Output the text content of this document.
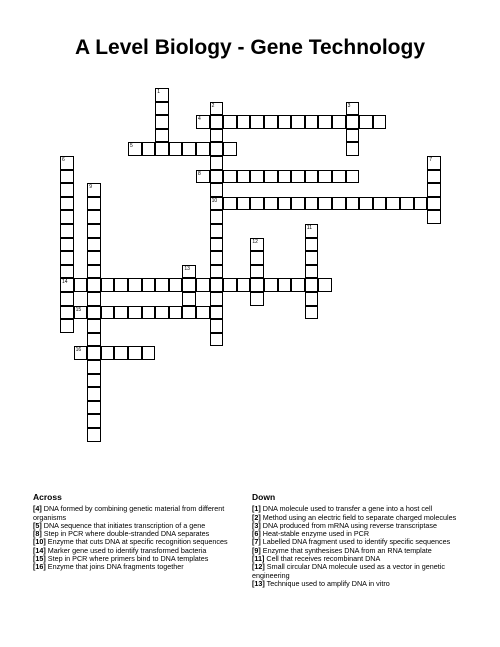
A Level Biology - Gene Technology
1
2
10
3
4
5
6
14
7
8
9
11
12
13
15
16
Across

[4] DNA formed by combining genetic material from different organisms

[5] DNA sequence that initiates transcription of a gene

[8] Step in PCR where double-stranded DNA separates

[10] Enzyme that cuts DNA at specific recognition sequences

[14] Marker gene used to identify transformed bacteria

[15] Step in PCR where primers bind to DNA templates

[16] Enzyme that joins DNA fragments together

Down

[1] DNA molecule used to transfer a gene into a host cell

[2] Method using an electric field to separate charged molecules

[3] DNA produced from mRNA using reverse transcriptase

[6] Heat-stable enzyme used in PCR

[7] Labelled DNA fragment used to identify specific sequences

[9] Enzyme that synthesises DNA from an RNA template

[11] Cell that receives recombinant DNA

[12] Small circular DNA molecule used as a vector in genetic engineering

[13] Technique used to amplify DNA in vitro
